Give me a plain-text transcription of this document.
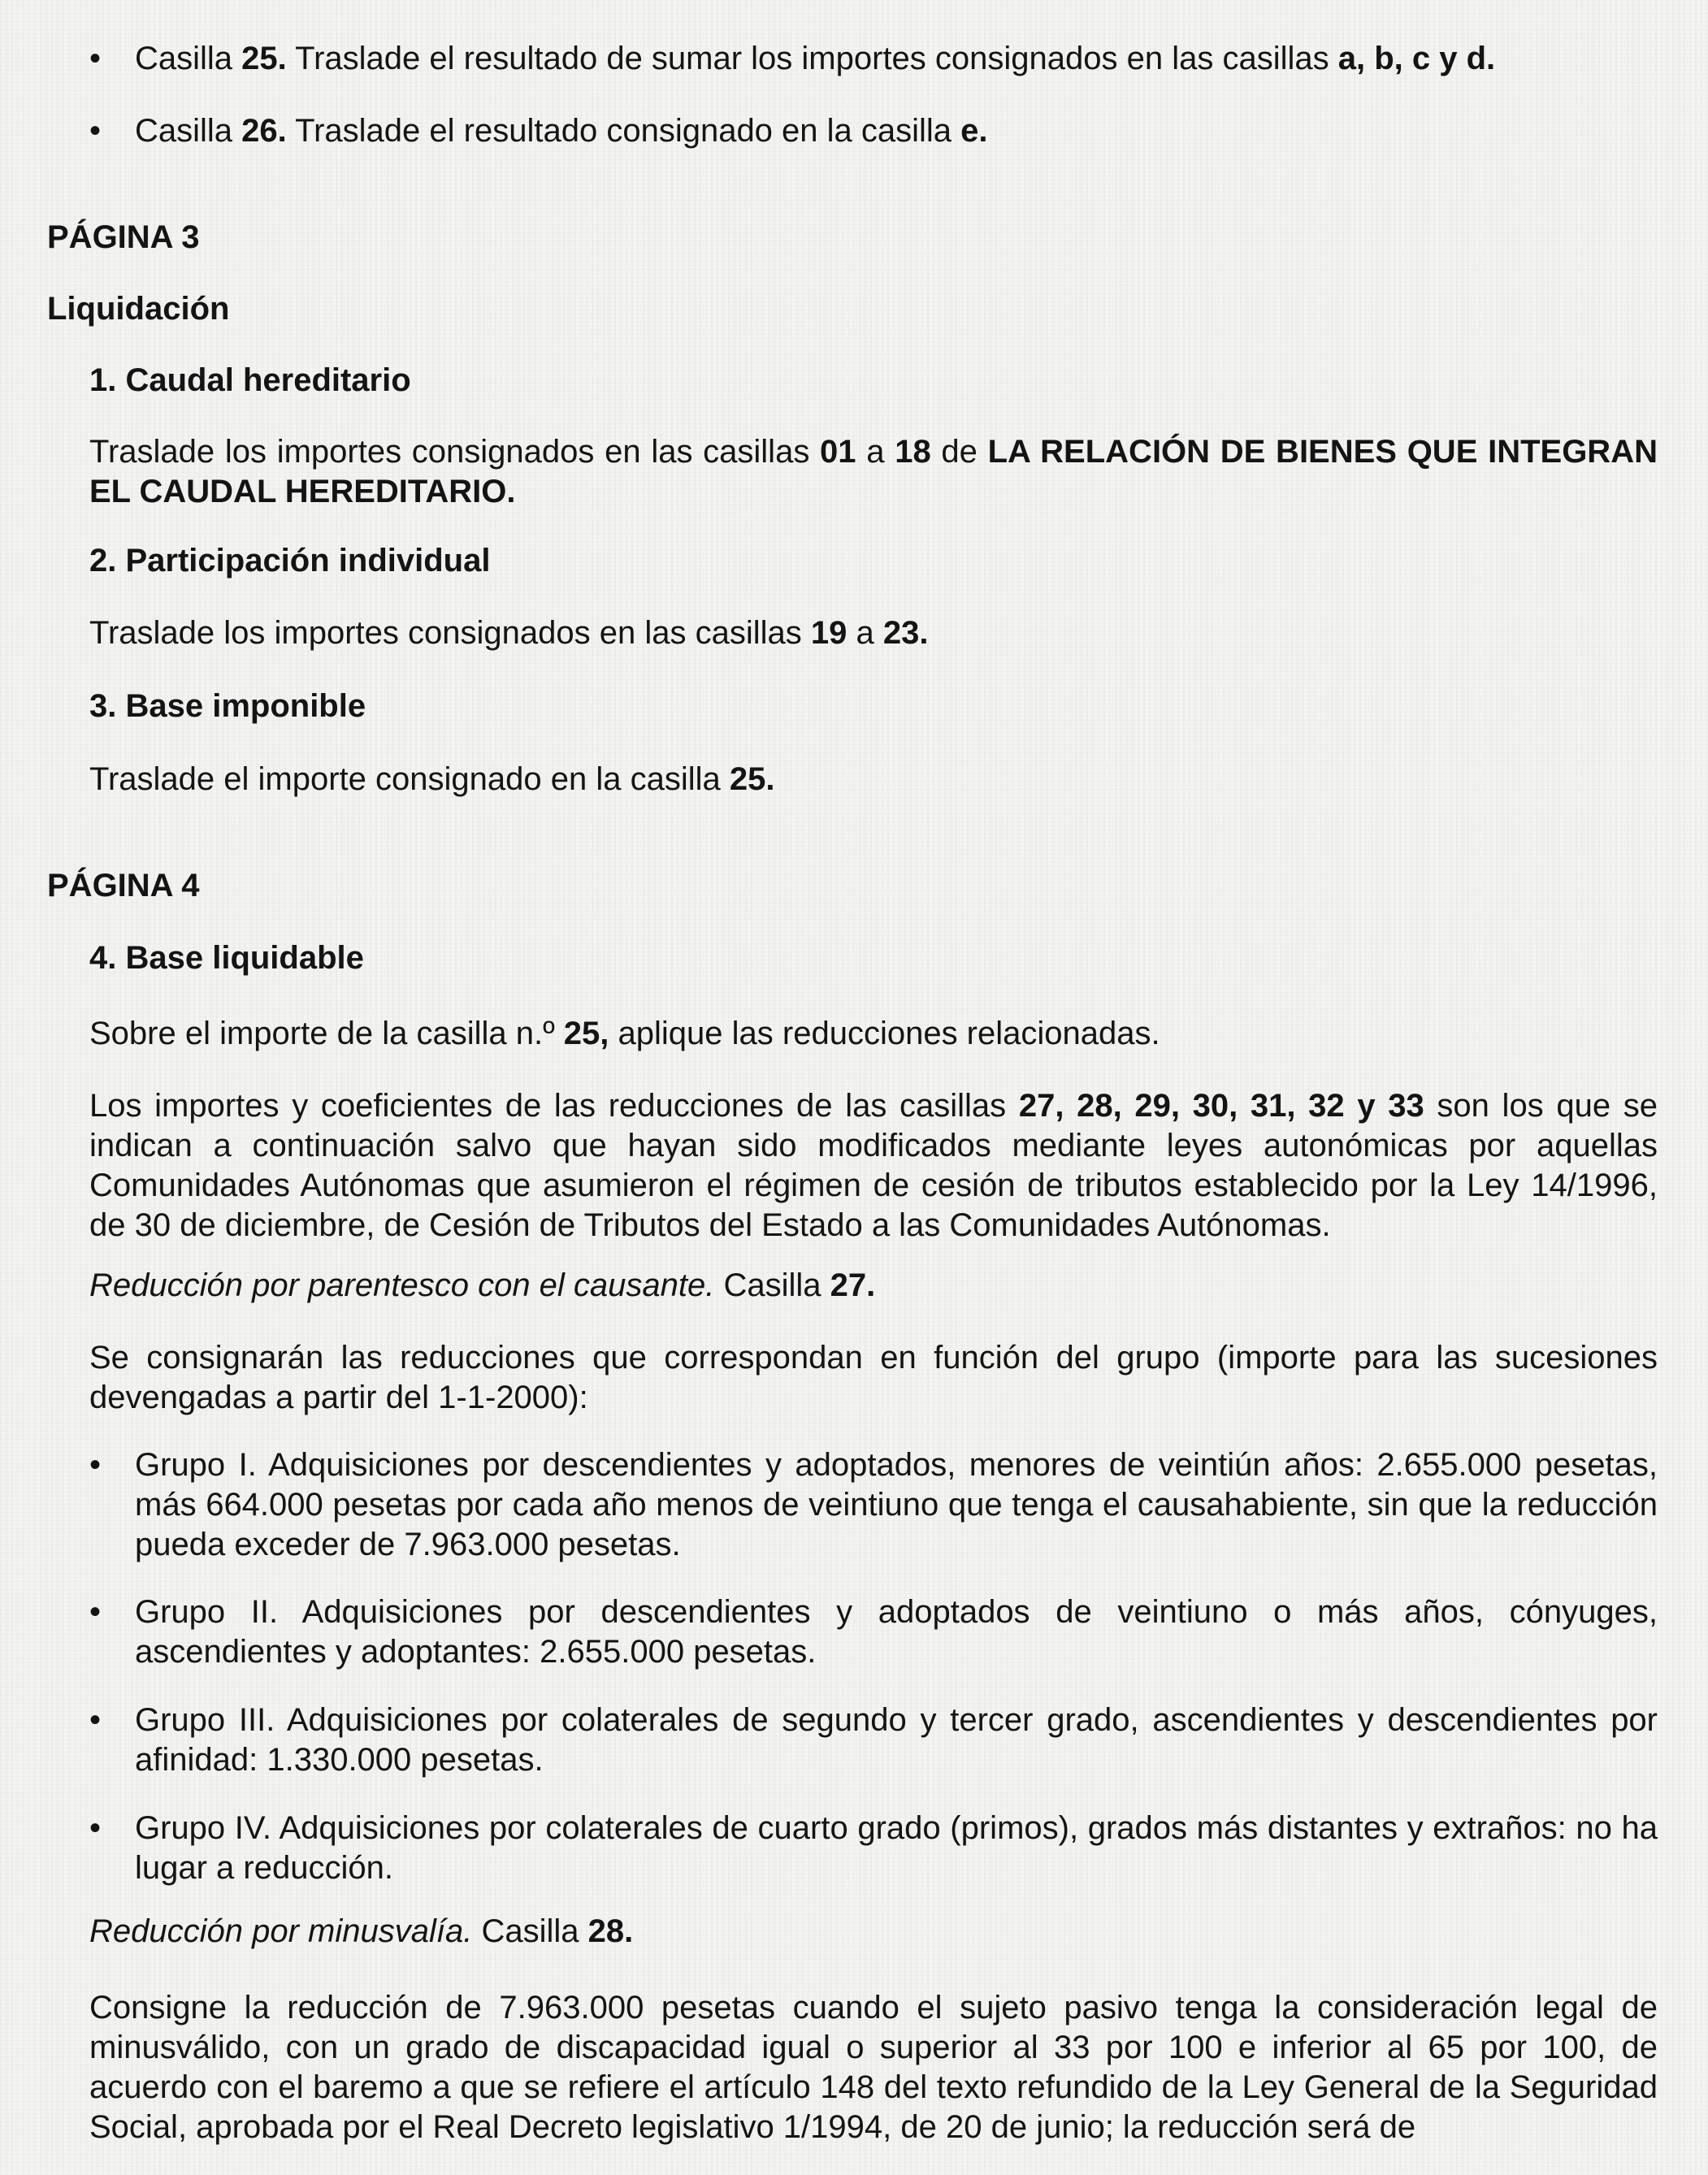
• Casilla 25. Traslade el resultado de sumar los importes consignados en las casillas a, b, c y d.
• Casilla 26. Traslade el resultado consignado en la casilla e.
PÁGINA 3
Liquidación
1. Caudal hereditario
Traslade los importes consignados en las casillas 01 a 18 de LA RELACIÓN DE BIENES QUE INTEGRAN EL CAUDAL HEREDITARIO.
2. Participación individual
Traslade los importes consignados en las casillas 19 a 23.
3. Base imponible
Traslade el importe consignado en la casilla 25.
PÁGINA 4
4. Base liquidable
Sobre el importe de la casilla n.º 25, aplique las reducciones relacionadas.
Los importes y coeficientes de las reducciones de las casillas 27, 28, 29, 30, 31, 32 y 33 son los que se indican a continuación salvo que hayan sido modificados mediante leyes autonómicas por aquellas Comunidades Autónomas que asumieron el régimen de cesión de tributos establecido por la Ley 14/1996, de 30 de diciembre, de Cesión de Tributos del Estado a las Comunidades Autónomas.
Reducción por parentesco con el causante. Casilla 27.
Se consignarán las reducciones que correspondan en función del grupo (importe para las sucesiones devengadas a partir del 1-1-2000):
• Grupo I. Adquisiciones por descendientes y adoptados, menores de veintiún años: 2.655.000 pesetas, más 664.000 pesetas por cada año menos de veintiuno que tenga el causahabiente, sin que la reducción pueda exceder de 7.963.000 pesetas.
• Grupo II. Adquisiciones por descendientes y adoptados de veintiuno o más años, cónyuges, ascendientes y adoptantes: 2.655.000 pesetas.
• Grupo III. Adquisiciones por colaterales de segundo y tercer grado, ascendientes y descendientes por afinidad: 1.330.000 pesetas.
• Grupo IV. Adquisiciones por colaterales de cuarto grado (primos), grados más distantes y extraños: no ha lugar a reducción.
Reducción por minusvalía. Casilla 28.
Consigne la reducción de 7.963.000 pesetas cuando el sujeto pasivo tenga la consideración legal de minusválido, con un grado de discapacidad igual o superior al 33 por 100 e inferior al 65 por 100, de acuerdo con el baremo a que se refiere el artículo 148 del texto refundido de la Ley General de la Seguridad Social, aprobada por el Real Decreto legislativo 1/1994, de 20 de junio; la reducción será de
